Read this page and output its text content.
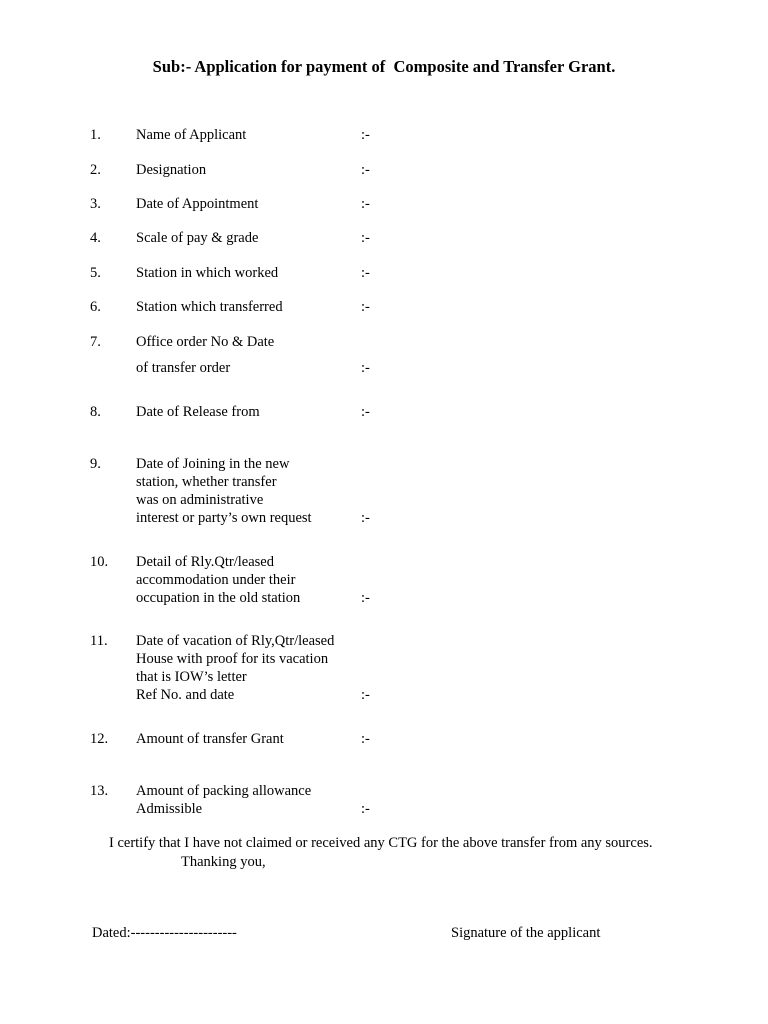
Sub:- Application for payment of  Composite and Transfer Grant.
1. Name of Applicant	:-
2. Designation	:-
3. Date of Appointment	:-
4. Scale of pay & grade	:-
5. Station in which worked	:-
6. Station which transferred	:-
7. Office order No & Date
of transfer order	:-
8. Date of Release from	:-
9. Date of Joining in the new
station, whether transfer
was on administrative
interest or party’s own request	:-
10. Detail of Rly.Qtr/leased
accommodation under their
occupation in the old station	:-
11. Date of vacation of Rly,Qtr/leased
House with proof for its vacation
that is IOW’s letter
Ref No. and date	:-
12. Amount of transfer Grant	:-
13. Amount of packing allowance
Admissible	:-
I certify that I have not claimed or received any CTG for the above transfer from any sources.
Thanking you,
Dated:----------------------	Signature of the applicant
